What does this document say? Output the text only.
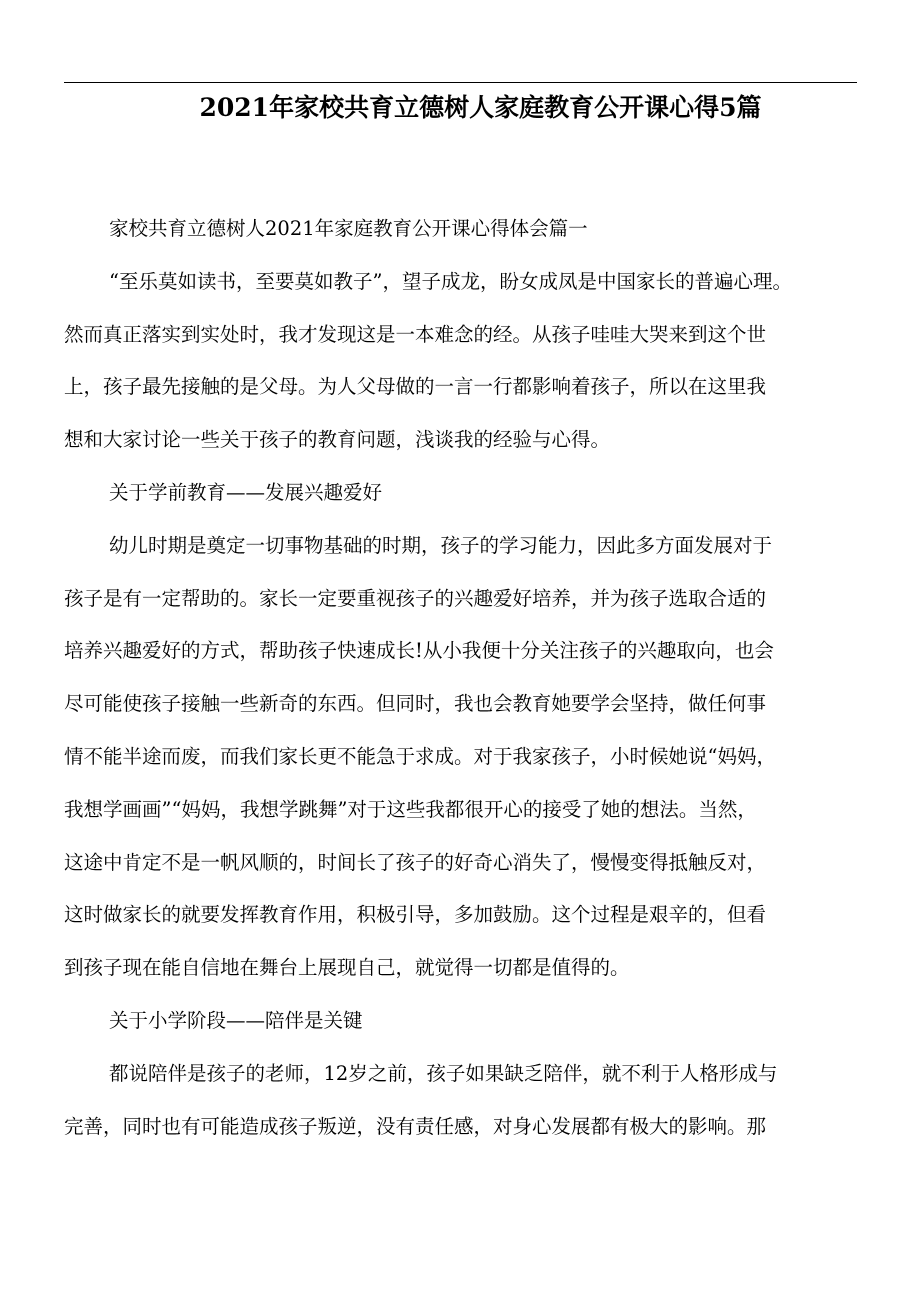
2021年家校共育立德树人家庭教育公开课心得5篇
家校共育立德树人2021年家庭教育公开课心得体会篇一
“至乐莫如读书，至要莫如教子”，望子成龙，盼女成凤是中国家长的普遍心理。
然而真正落实到实处时，我才发现这是一本难念的经。从孩子哇哇大哭来到这个世
上，孩子最先接触的是父母。为人父母做的一言一行都影响着孩子，所以在这里我
想和大家讨论一些关于孩子的教育问题，浅谈我的经验与心得。
关于学前教育——发展兴趣爱好
幼儿时期是奠定一切事物基础的时期，孩子的学习能力，因此多方面发展对于
孩子是有一定帮助的。家长一定要重视孩子的兴趣爱好培养，并为孩子选取合适的
培养兴趣爱好的方式，帮助孩子快速成长!从小我便十分关注孩子的兴趣取向，也会
尽可能使孩子接触一些新奇的东西。但同时，我也会教育她要学会坚持，做任何事
情不能半途而废，而我们家长更不能急于求成。对于我家孩子，小时候她说“妈妈，
我想学画画”“妈妈，我想学跳舞”对于这些我都很开心的接受了她的想法。当然，
这途中肯定不是一帆风顺的，时间长了孩子的好奇心消失了，慢慢变得抵触反对，
这时做家长的就要发挥教育作用，积极引导，多加鼓励。这个过程是艰辛的，但看
到孩子现在能自信地在舞台上展现自己，就觉得一切都是值得的。
关于小学阶段——陪伴是关键
都说陪伴是孩子的老师，12岁之前，孩子如果缺乏陪伴，就不利于人格形成与
完善，同时也有可能造成孩子叛逆，没有责任感，对身心发展都有极大的影响。那
